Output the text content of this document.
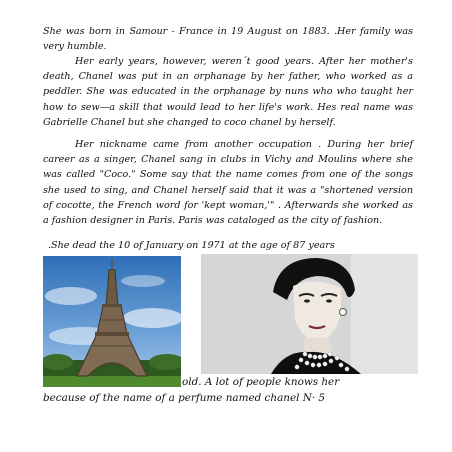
She was born in Samour - France in 19 August on 1883. .Her family was very humble.

Her early years, however, weren´t good years. After her mother's death, Chanel was put in an orphanage by her father, who worked as a peddler. She was educated in the orphanage by nuns who who taught her how to sew—a skill that would lead to her life's work. Hes real name was Gabrielle Chanel but she changed to coco chanel by herself.

Her nickname came from another occupation . During her brief career as a singer, Chanel sang in clubs in Vichy and Moulins where she was called "Coco." Some say that the name comes from one of the songs she used to sing, and Chanel herself said that it was a "shortened version of cocotte, the French word for 'kept woman,'" . Afterwards she worked as a fashion designer in Paris. Paris was cataloged as the city of fashion.

.She dead the 10 of January on 1971 at the age of 87 years

old. A lot of people knows her

because of the name of a perfume named chanel N· 5
